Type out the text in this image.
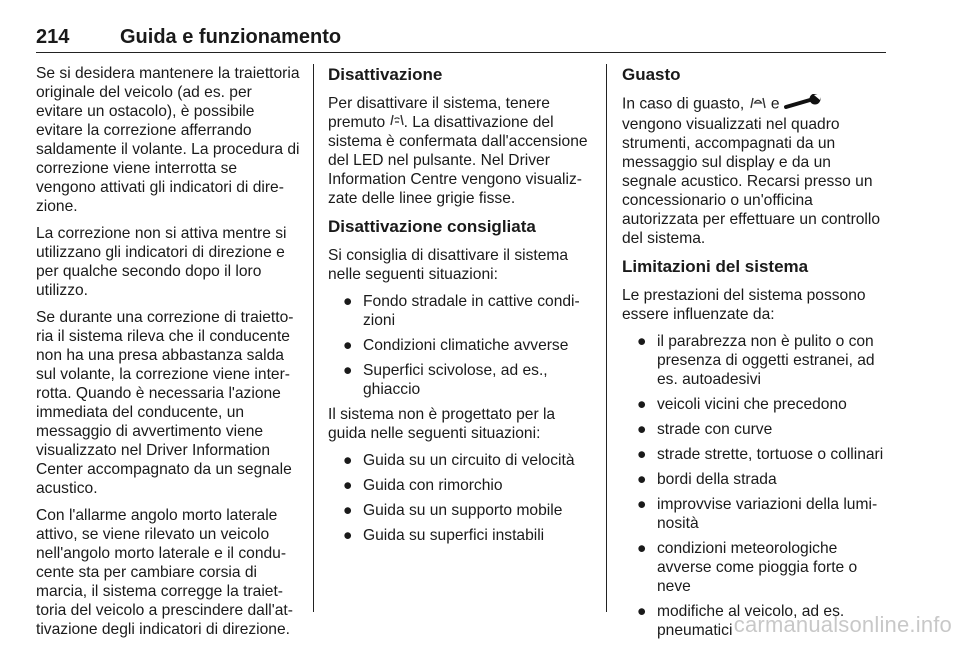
214	Guida e funzionamento

Se si desidera mantenere la traiettoria originale del veicolo (ad es. per evitare un ostacolo), è possibile evitare la correzione afferrando saldamente il volante. La procedura di correzione viene interrotta se vengono attivati gli indicatori di direzione.

La correzione non si attiva mentre si utilizzano gli indicatori di direzione e per qualche secondo dopo il loro utilizzo.

Se durante una correzione di traiettoria il sistema rileva che il conducente non ha una presa abbastanza salda sul volante, la correzione viene interrotta. Quando è necessaria l'azione immediata del conducente, un messaggio di avvertimento viene visualizzato nel Driver Information Center accompagnato da un segnale acustico.

Con l'allarme angolo morto laterale attivo, se viene rilevato un veicolo nell'angolo morto laterale e il conducente sta per cambiare corsia di marcia, il sistema corregge la traiettoria del veicolo a prescindere dall'attivazione degli indicatori di direzione.

Disattivazione

Per disattivare il sistema, tenere premuto . La disattivazione del sistema è confermata dall'accensione del LED nel pulsante. Nel Driver Information Centre vengono visualizzate delle linee grigie fisse.

Disattivazione consigliata

Si consiglia di disattivare il sistema nelle seguenti situazioni:

● Fondo stradale in cattive condizioni
● Condizioni climatiche avverse
● Superfici scivolose, ad es., ghiaccio

Il sistema non è progettato per la guida nelle seguenti situazioni:

● Guida su un circuito di velocità
● Guida con rimorchio
● Guida su un supporto mobile
● Guida su superfici instabili
Guasto

In caso di guasto, e  vengono visualizzati nel quadro strumenti, accompagnati da un messaggio sul display e da un segnale acustico. Recarsi presso un concessionario o un'officina autorizzata per effettuare un controllo del sistema.

Limitazioni del sistema

Le prestazioni del sistema possono essere influenzate da:

● il parabrezza non è pulito o con presenza di oggetti estranei, ad es. autoadesivi
● veicoli vicini che precedono
● strade con curve
● strade strette, tortuose o collinari
● bordi della strada
● improvvise variazioni della luminosità
● condizioni meteorologiche avverse come pioggia forte o neve
● modifiche al veicolo, ad es. pneumatici carmanualsonline.info
